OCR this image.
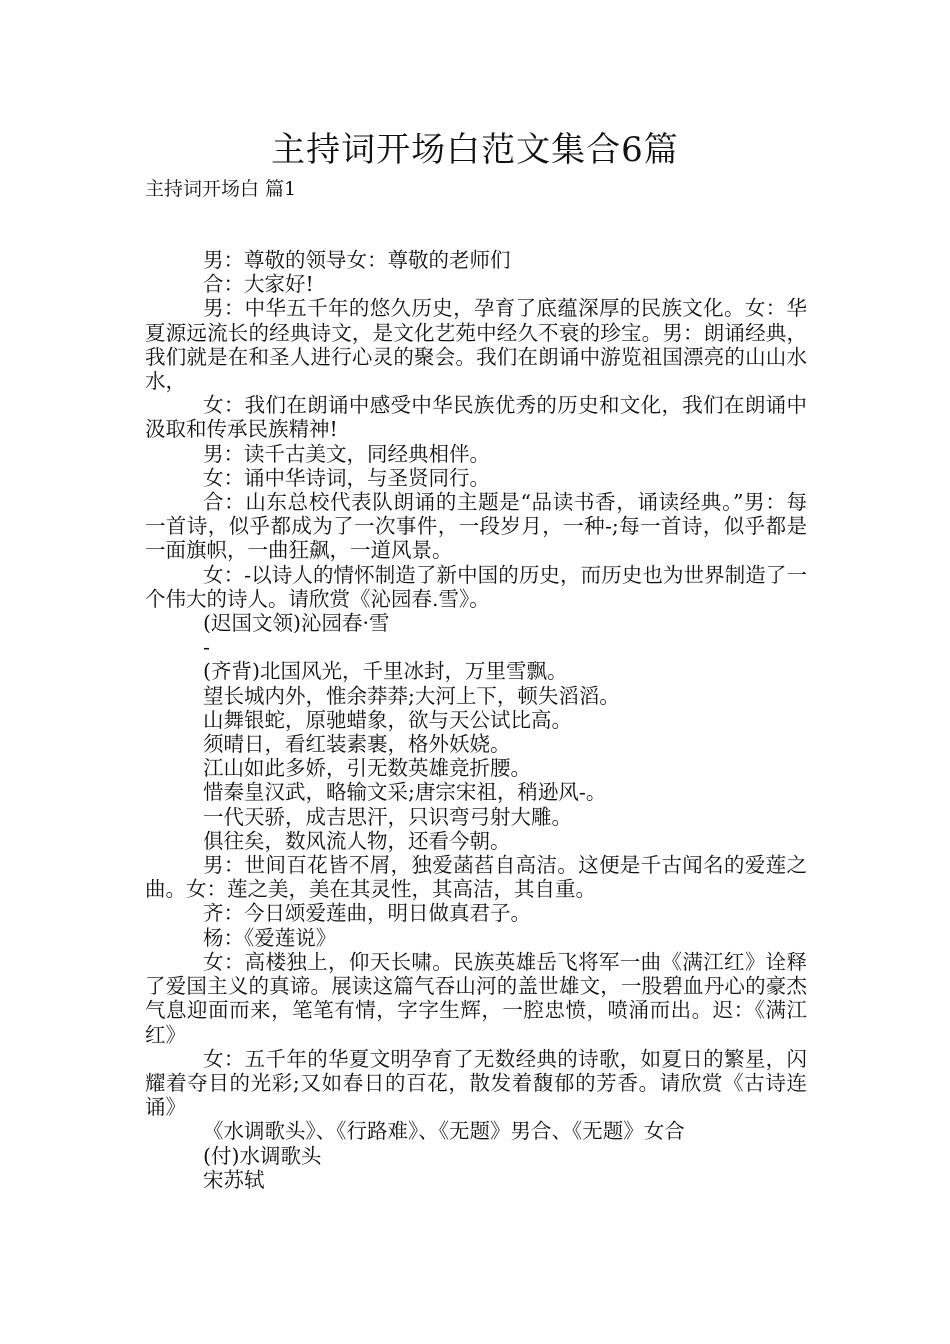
主持词开场白范文集合6篇
主持词开场白 篇1

男：尊敬的领导女：尊敬的老师们

合：大家好!

男：中华五千年的悠久历史，孕育了底蕴深厚的民族文化。女：华夏源远流长的经典诗文，是文化艺苑中经久不衰的珍宝。男：朗诵经典，我们就是在和圣人进行心灵的聚会。我们在朗诵中游览祖国漂亮的山山水水，

女：我们在朗诵中感受中华民族优秀的历史和文化，我们在朗诵中汲取和传承民族精神!

男：读千古美文，同经典相伴。

女：诵中华诗词，与圣贤同行。

合：山东总校代表队朗诵的主题是“品读书香，诵读经典。”男：每一首诗，似乎都成为了一次事件，一段岁月，一种-;每一首诗，似乎都是一面旗帜，一曲狂飙，一道风景。

女：-以诗人的情怀制造了新中国的历史，而历史也为世界制造了一个伟大的诗人。请欣赏《沁园春.雪》。

(迟国文领)沁园春·雪

-

(齐背)北国风光，千里冰封，万里雪飘。

望长城内外，惟余莽莽;大河上下，顿失滔滔。

山舞银蛇，原驰蜡象，欲与天公试比高。

须晴日，看红装素裹，格外妖娆。

江山如此多娇，引无数英雄竞折腰。

惜秦皇汉武，略输文采;唐宗宋祖，稍逊风-。

一代天骄，成吉思汗，只识弯弓射大雕。

俱往矣，数风流人物，还看今朝。

男：世间百花皆不屑，独爱菡萏自高洁。这便是千古闻名的爱莲之曲。女：莲之美，美在其灵性，其高洁，其自重。

齐：今日颂爱莲曲，明日做真君子。

杨：《爱莲说》

女：高楼独上，仰天长啸。民族英雄岳飞将军一曲《满江红》诠释了爱国主义的真谛。展读这篇气吞山河的盖世雄文，一股碧血丹心的豪杰气息迎面而来，笔笔有情，字字生辉，一腔忠愤，喷涌而出。迟：《满江红》

女：五千年的华夏文明孕育了无数经典的诗歌，如夏日的繁星，闪耀着夺目的光彩;又如春日的百花，散发着馥郁的芳香。请欣赏《古诗连诵》

《水调歌头》、《行路难》、《无题》男合、《无题》女合

(付)水调歌头

宋苏轼
